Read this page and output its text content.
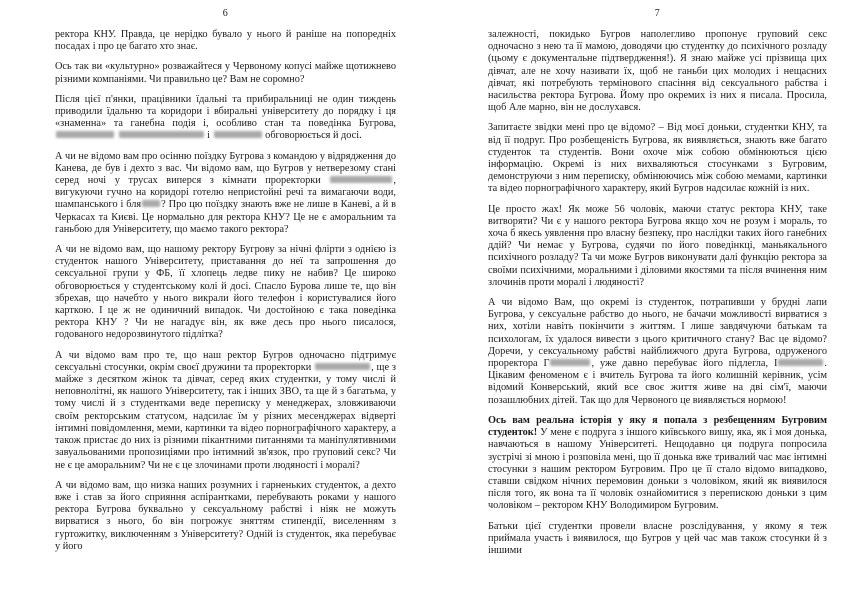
6

ректора КНУ. Правда, це нерідко бувало у нього й раніше на попоредніх посадах і про це багато хто знає.

Ось так ви «культурно» розважайтеся у Червоному копусі майже щотижнево різними компаніями. Чи правильно це? Вам не соромно?

Після цієї п'янки, працівники їдальні та прибиральниці не один тиждень приводили їдальню та коридори і вбиральні університету до порядку і ця «знаменна» та ганебна подія і, особливо стан та поведінка Бугрова,   і	обговорюється й досі.

А чи не відомо вам про осінню поїздку Бугрова з командою у відрядження до Канева, де був і дехто з вас. Чи відомо вам, що Бугров у нетверезому стані серед ночі у трусах виперся з кімнати проректорки	, вигукуючи гучно на коридорі готелю непристойні речі та вимагаючи води, шампанського і бля ? Про цю поїздку знають вже не лише в Каневі, а й в Черкасах та Києві. Це нормально для ректора КНУ? Це не є аморальним та ганьбою для Університету, що маємо такого ректора?

А чи не відомо вам, що нашому ректору Бугрову за нічні флірти з однією із студенток нашого Університету, приставання до неї та запрошення до сексуальної групи у ФБ, її хлопець ледве пику не набив? Це широко обговорюється у студентському колі й досі. Спасло Бурова лише те, що він збрехав, що начебто у нього викрали його телефон і користувалися його карткою. І це ж не одиничний випадок. Чи достойною є така поведінка ректора КНУ ? Чи не нагадує він, як вже десь про нього писалося, годованого недорозвинутого підлітка?

А чи відомо вам про те, що наш ректор Бугров одночасно підтримує сексуальні стосунки, окрім своєї дружини та проректорки	, ще з майже з десятком жінок та дівчат, серед яких студентки, у тому числі й неповнолітні, як нашого Університету, так і інших ЗВО, та ще й з багатьма, у тому числі й з студентками веде переписку у менеджерах, зловживаючи своїм ректорським статусом, надсилає їм у різних месенджерах відверті інтимні повідомлення, меми, картинки та відео порнографічного характеру, а також пристає до них із різними пікантними питаннями та маніпулятивними завуальованими пропозиціями про інтимний зв'язок, про груповий секс? Чи не є це аморальним? Чи не є це злочинами проти людяності і моралі?

А чи відомо вам, що низка наших розумних і гарненьких студенток, а дехто вже і став за його сприяння аспірантками, перебувають роками у нашого ректора Бугрова буквально у сексуальному рабстві і ніяк не можуть вирватися з нього, бо він погрожує зняттям стипендії, виселенням з гуртожитку, виключенням з Університету? Одній із студенток, яка перебуває у його

7

залежності, покидько Бугров наполегливо пропонує груповий секс одночасно з нею та її мамою, доводячи цю студентку до психічного розладу (цьому є документальне підтвердження!). Я знаю майже усі прізвища цих дівчат, але не хочу називати їх, щоб не ганьби цих молодих і нещасних дівчат, які потребують термінового спасіння від сексуального рабства і насильства ректора Бугрова. Йому про окремих із них я писала. Просила, щоб Але марно, він не дослухався.

Запитаєте звідки мені про це відомо? – Від моєї доньки, студентки КНУ, та від її подруг. Про розбещеність Бугрова, як виявляється, знають вже багато студенток та студентів. Вони охоче між собою обмінюються цією інформацію. Окремі із них вихваляються стосунками з Бугровим, демонструючи з ним переписку, обмінюючись між собою мемами, картинки та відео порнографічного характеру, який Бугров надсилає кожній із них.

Це просто жах! Як може 56 чоловік, маючи статус ректора КНУ, таке витворяти? Чи є у нашого ректора Бугрова якщо хоч не розум і мораль, то хоча б якесь уявлення про власну безпеку, про наслідки таких його ганебних ддій? Чи немає у Бугрова, судячи по його поведінкці, маньякального психічного розладу? Та чи може Бугров виконувати далі функцію ректора за своїми психічними, моральними і діловими якостями та після вчинення ним злочинів проти моралі і людяності?

А чи відомо Вам, що окремі із студенток, потрапивши у брудні лапи Бугрова, у сексуальне рабство до нього, не бачачи можливості вирватися з них, хотіли навіть покінчити з життям. І лише завдячуючи батькам та психологам, їх удалося вивести з цього критичного стану? Вас це відомо? Доречи, у сексуальному рабстві найближчого друга Бугрова, одруженого проректора Г	, уже давно перебуває його підлегла, І	. Цікавим феноменом є і вчитель Бугрова та його колишній керівник, усім відомий Конверський, який все своє життя живе на дві сім'ї, маючи позашлюбних дітей. Так що для Червоного це виявляється нормою!

Ось вам реальна історія у яку я попала з резбещенням Бугровим студенток! У мене є подруга з іншого київського вишу, яка, як і моя донька, навчаються в нашому Університеті. Нещодавно ця подруга попросила зустрічі зі мною і розповіла мені, що її донька вже тривалий час має інтимні стосунки з нашим ректором Бугровим. Про це її стало відомо випадково, ставши свідком нічних перемовин доньки з чоловіком, який як виявилося після того, як вона та її чоловік ознайомитися з перепискою доньки з цим чоловіком – ректором КНУ Володимиром Бугровим.

Батьки цієї студентки провели власне розслідування, у якому я теж приймала участь і виявилося, що Бугров у цей час мав також стосунки й з іншими
